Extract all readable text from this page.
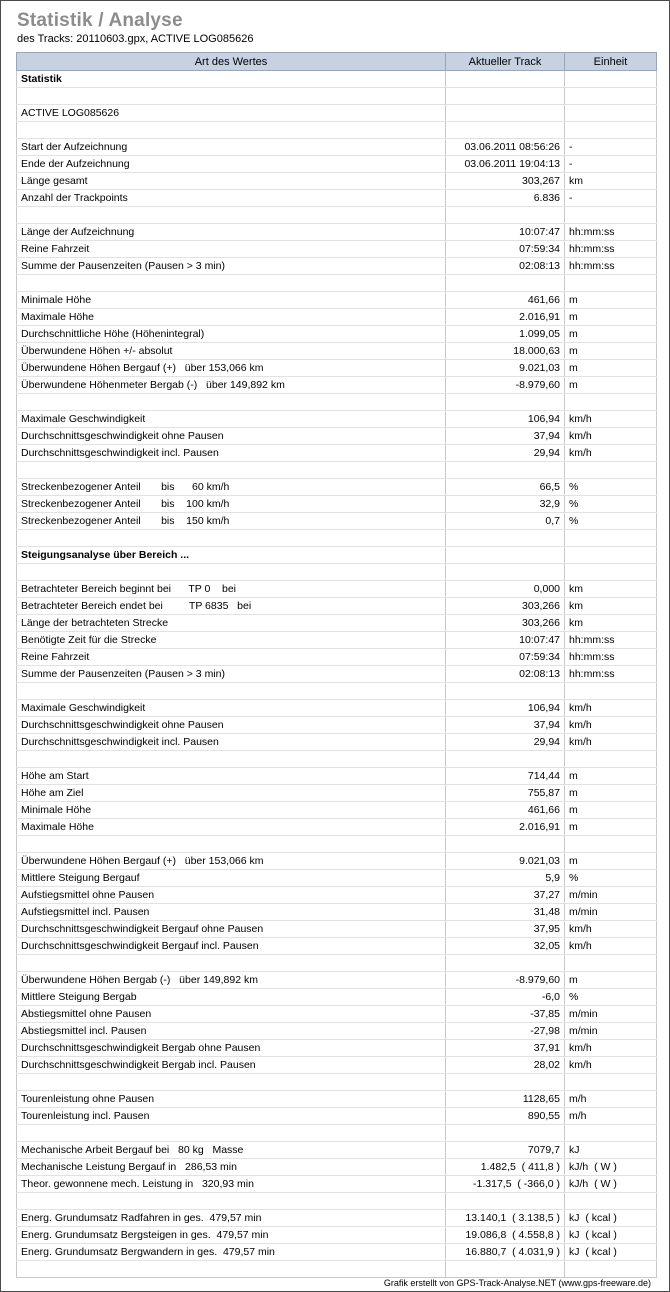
Statistik / Analyse
des Tracks: 20110603.gpx, ACTIVE LOG085626
Art des Wertes	Aktueller Track	Einheit
Statistik		

ACTIVE LOG085626		

Start der Aufzeichnung	03.06.2011 08:56:26	-
Ende der Aufzeichnung	03.06.2011 19:04:13	-
Länge gesamt	303,267	km
Anzahl der Trackpoints	6.836	-

Länge der Aufzeichnung	10:07:47	hh:mm:ss
Reine Fahrzeit	07:59:34	hh:mm:ss
Summe der Pausenzeiten (Pausen > 3 min)	02:08:13	hh:mm:ss

Minimale Höhe	461,66	m
Maximale Höhe	2.016,91	m
Durchschnittliche Höhe (Höhenintegral)	1.099,05	m
Überwundene Höhen +/- absolut	18.000,63	m
Überwundene Höhen Bergauf (+)   über 153,066 km	9.021,03	m
Überwundene Höhenmeter Bergab (-)   über 149,892 km	-8.979,60	m

Maximale Geschwindigkeit	106,94	km/h
Durchschnittsgeschwindigkeit ohne Pausen	37,94	km/h
Durchschnittsgeschwindigkeit incl. Pausen	29,94	km/h

Streckenbezogener Anteil       bis      60 km/h	66,5	%
Streckenbezogener Anteil       bis    100 km/h	32,9	%
Streckenbezogener Anteil       bis    150 km/h	0,7	%

Steigungsanalyse über Bereich ...		

Betrachteter Bereich beginnt bei      TP 0    bei	0,000	km
Betrachteter Bereich endet bei         TP 6835   bei	303,266	km
Länge der betrachteten Strecke	303,266	km
Benötigte Zeit für die Strecke	10:07:47	hh:mm:ss
Reine Fahrzeit	07:59:34	hh:mm:ss
Summe der Pausenzeiten (Pausen > 3 min)	02:08:13	hh:mm:ss

Maximale Geschwindigkeit	106,94	km/h
Durchschnittsgeschwindigkeit ohne Pausen	37,94	km/h
Durchschnittsgeschwindigkeit incl. Pausen	29,94	km/h

Höhe am Start	714,44	m
Höhe am Ziel	755,87	m
Minimale Höhe	461,66	m
Maximale Höhe	2.016,91	m

Überwundene Höhen Bergauf (+)   über 153,066 km	9.021,03	m
Mittlere Steigung Bergauf	5,9	%
Aufstiegsmittel ohne Pausen	37,27	m/min
Aufstiegsmittel incl. Pausen	31,48	m/min
Durchschnittsgeschwindigkeit Bergauf ohne Pausen	37,95	km/h
Durchschnittsgeschwindigkeit Bergauf incl. Pausen	32,05	km/h

Überwundene Höhen Bergab (-)   über 149,892 km	-8.979,60	m
Mittlere Steigung Bergab	-6,0	%
Abstiegsmittel ohne Pausen	-37,85	m/min
Abstiegsmittel incl. Pausen	-27,98	m/min
Durchschnittsgeschwindigkeit Bergab ohne Pausen	37,91	km/h
Durchschnittsgeschwindigkeit Bergab incl. Pausen	28,02	km/h

Tourenleistung ohne Pausen	1128,65	m/h
Tourenleistung incl. Pausen	890,55	m/h

Mechanische Arbeit Bergauf bei   80 kg   Masse	7079,7	kJ
Mechanische Leistung Bergauf in   286,53 min	1.482,5  ( 411,8 )	kJ/h  ( W )
Theor. gewonnene mech. Leistung in   320,93 min	-1.317,5  ( -366,0 )	kJ/h  ( W )

Energ. Grundumsatz Radfahren in ges.  479,57 min	13.140,1  ( 3.138,5 )	kJ  ( kcal )
Energ. Grundumsatz Bergsteigen in ges.  479,57 min	19.086,8  ( 4.558,8 )	kJ  ( kcal )
Energ. Grundumsatz Bergwandern in ges.  479,57 min	16.880,7  ( 4.031,9 )	kJ  ( kcal )

Grafik erstellt von GPS-Track-Analyse.NET (www.gps-freeware.de)
